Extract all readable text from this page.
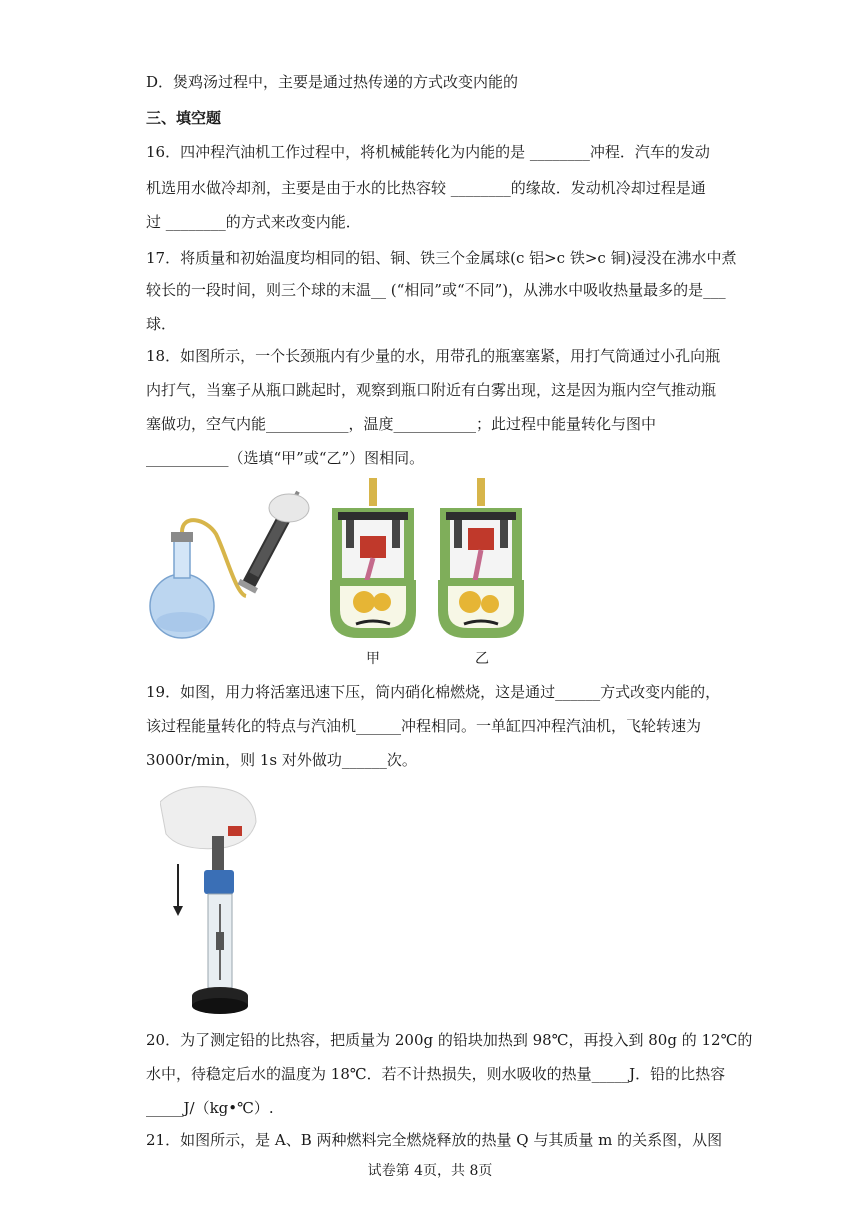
D．煲鸡汤过程中，主要是通过热传递的方式改变内能的
三、填空题
16．四冲程汽油机工作过程中，将机械能转化为内能的是 ________冲程．汽车的发动
机选用水做冷却剂，主要是由于水的比热容较 ________的缘故．发动机冷却过程是通
过 ________的方式来改变内能．
17．将质量和初始温度均相同的铝、铜、铁三个金属球(c 铝>c 铁>c 铜)浸没在沸水中煮
较长的一段时间，则三个球的末温__ (“相同”或“不同”)，从沸水中吸收热量最多的是___
球．
18．如图所示，一个长颈瓶内有少量的水，用带孔的瓶塞塞紧，用打气筒通过小孔向瓶
内打气，当塞子从瓶口跳起时，观察到瓶口附近有白雾出现，这是因为瓶内空气推动瓶
塞做功，空气内能___________，温度___________；此过程中能量转化与图中
___________（选填“甲”或“乙”）图相同。
甲	乙
19．如图，用力将活塞迅速下压，筒内硝化棉燃烧，这是通过______方式改变内能的，
该过程能量转化的特点与汽油机______冲程相同。一单缸四冲程汽油机，飞轮转速为
3000r/min，则 1s 对外做功______次。
20．为了测定铅的比热容，把质量为 200g 的铅块加热到 98℃，再投入到 80g 的 12℃的
水中，待稳定后水的温度为 18℃．若不计热损失，则水吸收的热量_____J．铅的比热容
_____J/（kg•℃）.
21．如图所示，是 A、B 两种燃料完全燃烧释放的热量 Q 与其质量 m 的关系图，从图
试卷第 4页，共 8页
